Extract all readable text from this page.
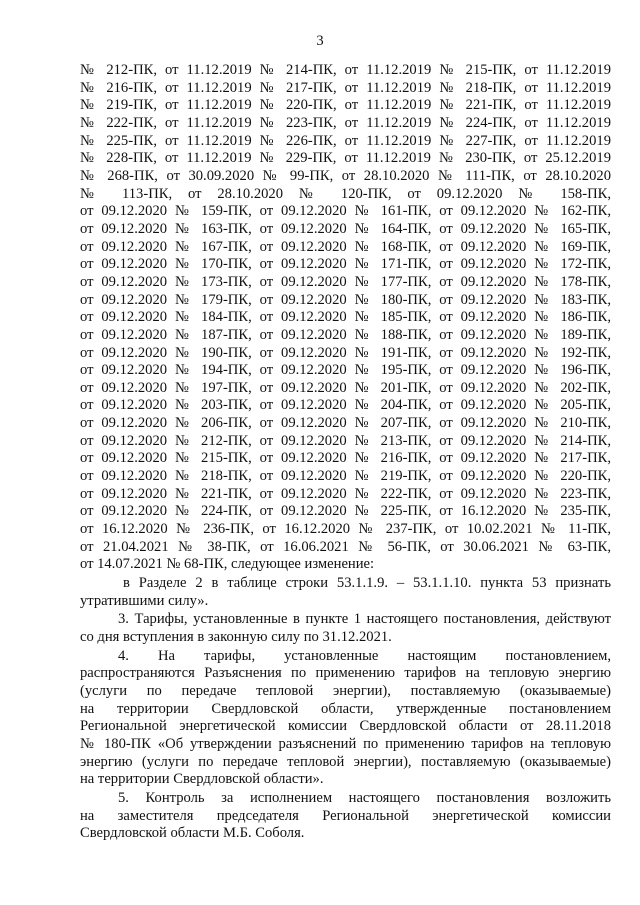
3
№ 212-ПК, от 11.12.2019 № 214-ПК, от 11.12.2019 № 215-ПК, от 11.12.2019
№ 216-ПК, от 11.12.2019 № 217-ПК, от 11.12.2019 № 218-ПК, от 11.12.2019
№ 219-ПК, от 11.12.2019 № 220-ПК, от 11.12.2019 № 221-ПК, от 11.12.2019
№ 222-ПК, от 11.12.2019 № 223-ПК, от 11.12.2019 № 224-ПК, от 11.12.2019
№ 225-ПК, от 11.12.2019 № 226-ПК, от 11.12.2019 № 227-ПК, от 11.12.2019
№ 228-ПК, от 11.12.2019 № 229-ПК, от 11.12.2019 № 230-ПК, от 25.12.2019
№ 268-ПК, от 30.09.2020 № 99-ПК, от 28.10.2020 № 111-ПК, от 28.10.2020
№ 113-ПК, от 28.10.2020 № 120-ПК, от 09.12.2020 № 158-ПК,
от 09.12.2020 № 159-ПК, от 09.12.2020 № 161-ПК, от 09.12.2020 № 162-ПК,
от 09.12.2020 № 163-ПК, от 09.12.2020 № 164-ПК, от 09.12.2020 № 165-ПК,
от 09.12.2020 № 167-ПК, от 09.12.2020 № 168-ПК, от 09.12.2020 № 169-ПК,
от 09.12.2020 № 170-ПК, от 09.12.2020 № 171-ПК, от 09.12.2020 № 172-ПК,
от 09.12.2020 № 173-ПК, от 09.12.2020 № 177-ПК, от 09.12.2020 № 178-ПК,
от 09.12.2020 № 179-ПК, от 09.12.2020 № 180-ПК, от 09.12.2020 № 183-ПК,
от 09.12.2020 № 184-ПК, от 09.12.2020 № 185-ПК, от 09.12.2020 № 186-ПК,
от 09.12.2020 № 187-ПК, от 09.12.2020 № 188-ПК, от 09.12.2020 № 189-ПК,
от 09.12.2020 № 190-ПК, от 09.12.2020 № 191-ПК, от 09.12.2020 № 192-ПК,
от 09.12.2020 № 194-ПК, от 09.12.2020 № 195-ПК, от 09.12.2020 № 196-ПК,
от 09.12.2020 № 197-ПК, от 09.12.2020 № 201-ПК, от 09.12.2020 № 202-ПК,
от 09.12.2020 № 203-ПК, от 09.12.2020 № 204-ПК, от 09.12.2020 № 205-ПК,
от 09.12.2020 № 206-ПК, от 09.12.2020 № 207-ПК, от 09.12.2020 № 210-ПК,
от 09.12.2020 № 212-ПК, от 09.12.2020 № 213-ПК, от 09.12.2020 № 214-ПК,
от 09.12.2020 № 215-ПК, от 09.12.2020 № 216-ПК, от 09.12.2020 № 217-ПК,
от 09.12.2020 № 218-ПК, от 09.12.2020 № 219-ПК, от 09.12.2020 № 220-ПК,
от 09.12.2020 № 221-ПК, от 09.12.2020 № 222-ПК, от 09.12.2020 № 223-ПК,
от 09.12.2020 № 224-ПК, от 09.12.2020 № 225-ПК, от 16.12.2020 № 235-ПК,
от 16.12.2020 № 236-ПК, от 16.12.2020 № 237-ПК, от 10.02.2021 № 11-ПК,
от 21.04.2021 № 38-ПК, от 16.06.2021 № 56-ПК, от 30.06.2021 № 63-ПК,
от 14.07.2021 № 68-ПК, следующее изменение:
в Разделе 2 в таблице строки 53.1.1.9. – 53.1.1.10. пункта 53 признать
утратившими силу».
3. Тарифы, установленные в пункте 1 настоящего постановления, действуют
со дня вступления в законную силу по 31.12.2021.
4. На тарифы, установленные настоящим постановлением,
распространяются Разъяснения по применению тарифов на тепловую энергию
(услуги по передаче тепловой энергии), поставляемую (оказываемые)
на территории Свердловской области, утвержденные постановлением
Региональной энергетической комиссии Свердловской области от 28.11.2018
№ 180-ПК «Об утверждении разъяснений по применению тарифов на тепловую
энергию (услуги по передаче тепловой энергии), поставляемую (оказываемые)
на территории Свердловской области».
5. Контроль за исполнением настоящего постановления возложить
на заместителя председателя Региональной энергетической комиссии
Свердловской области М.Б. Соболя.
